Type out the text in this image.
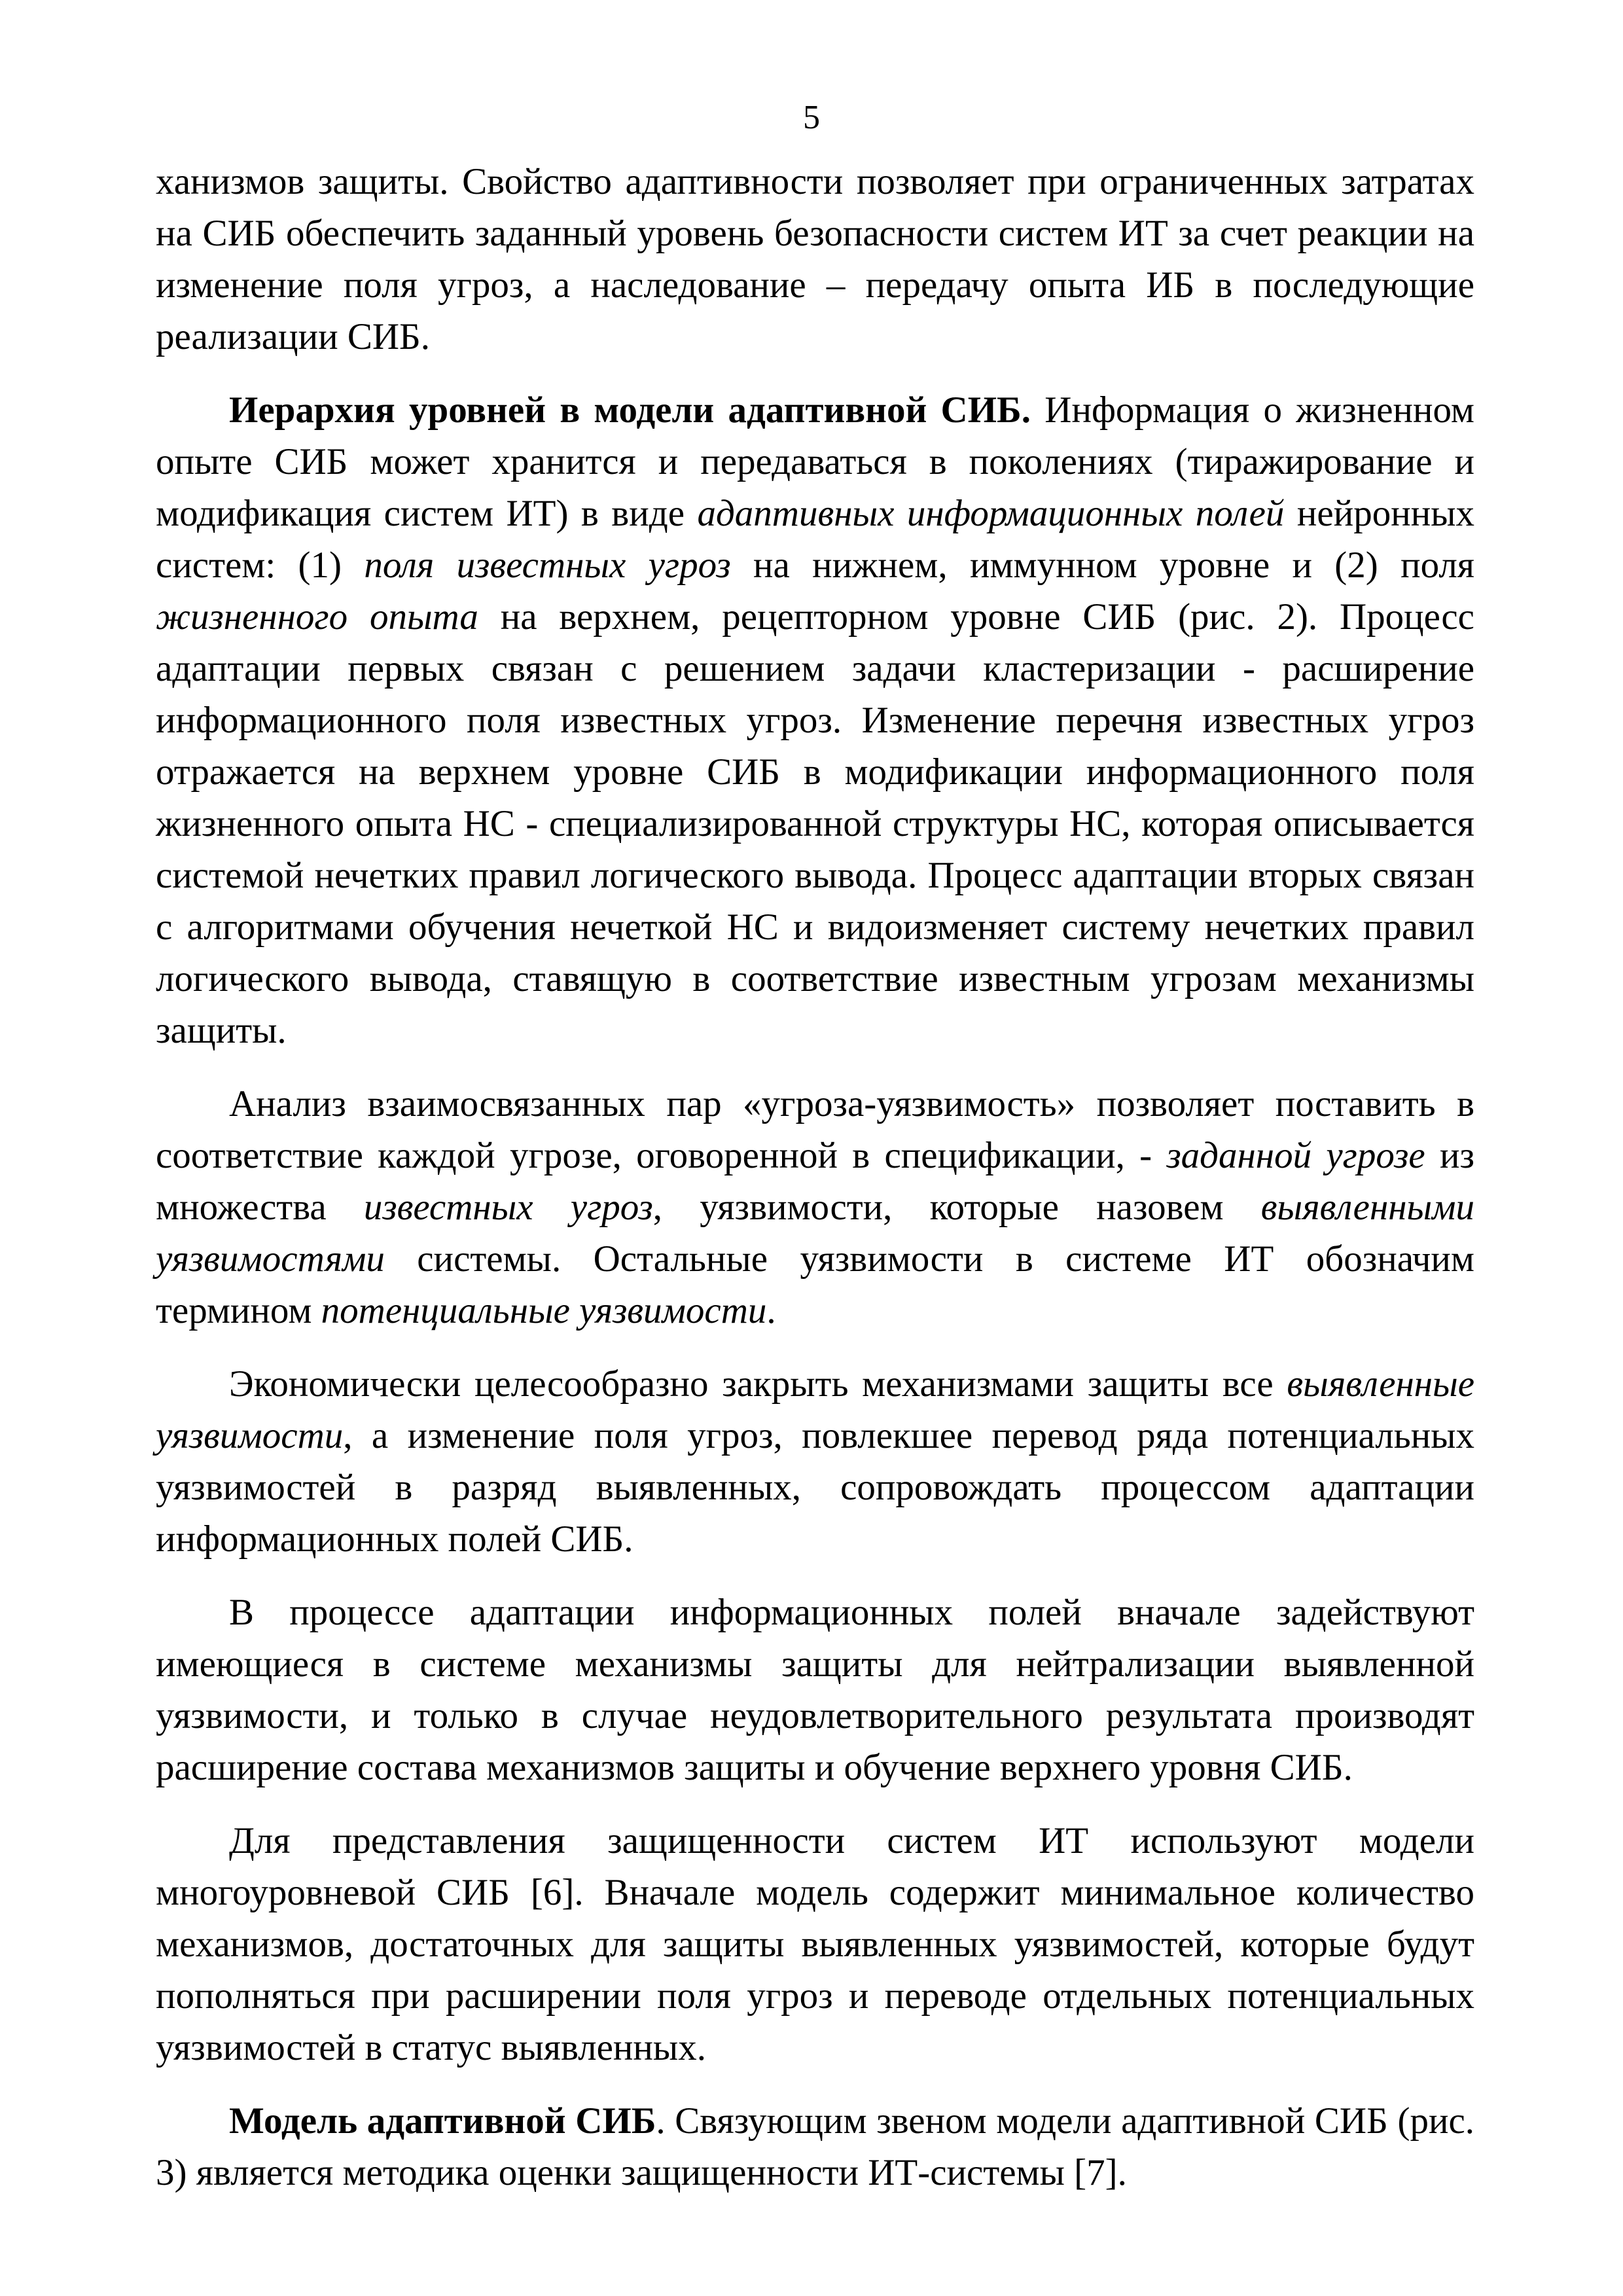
5

ханизмов защиты. Свойство адаптивности позволяет при ограниченных затратах на СИБ обеспечить заданный уровень безопасности систем ИТ за счет реакции на изменение поля угроз, а наследование – передачу опыта ИБ в последующие реализации СИБ.

Иерархия уровней в модели адаптивной СИБ. Информация о жизненном опыте СИБ может хранится и передаваться в поколениях (тиражирование и модификация систем ИТ) в виде адаптивных информационных полей нейронных систем: (1) поля известных угроз на нижнем, иммунном уровне и (2) поля жизненного опыта на верхнем, рецепторном уровне СИБ (рис. 2). Процесс адаптации первых связан с решением задачи кластеризации - расширение информационного поля известных угроз. Изменение перечня известных угроз отражается на верхнем уровне СИБ в модификации информационного поля жизненного опыта НС - специализированной структуры НС, которая описывается системой нечетких правил логического вывода. Процесс адаптации вторых связан с алгоритмами обучения нечеткой НС и видоизменяет систему нечетких правил логического вывода, ставящую в соответствие известным угрозам механизмы защиты.

Анализ взаимосвязанных пар «угроза-уязвимость» позволяет поставить в соответствие каждой угрозе, оговоренной в спецификации, - заданной угрозе из множества известных угроз, уязвимости, которые назовем выявленными уязвимостями системы. Остальные уязвимости в системе ИТ обозначим термином потенциальные уязвимости.

Экономически целесообразно закрыть механизмами защиты все выявленные уязвимости, а изменение поля угроз, повлекшее перевод ряда потенциальных уязвимостей в разряд выявленных, сопровождать процессом адаптации информационных полей СИБ.

В процессе адаптации информационных полей вначале задействуют имеющиеся в системе механизмы защиты для нейтрализации выявленной уязвимости, и только в случае неудовлетворительного результата производят расширение состава механизмов защиты и обучение верхнего уровня СИБ.

Для представления защищенности систем ИТ используют модели многоуровневой СИБ [6]. Вначале модель содержит минимальное количество механизмов, достаточных для защиты выявленных уязвимостей, которые будут пополняться при расширении поля угроз и переводе отдельных потенциальных уязвимостей в статус выявленных.

Модель адаптивной СИБ. Связующим звеном модели адаптивной СИБ (рис. 3) является методика оценки защищенности ИТ-системы [7].
